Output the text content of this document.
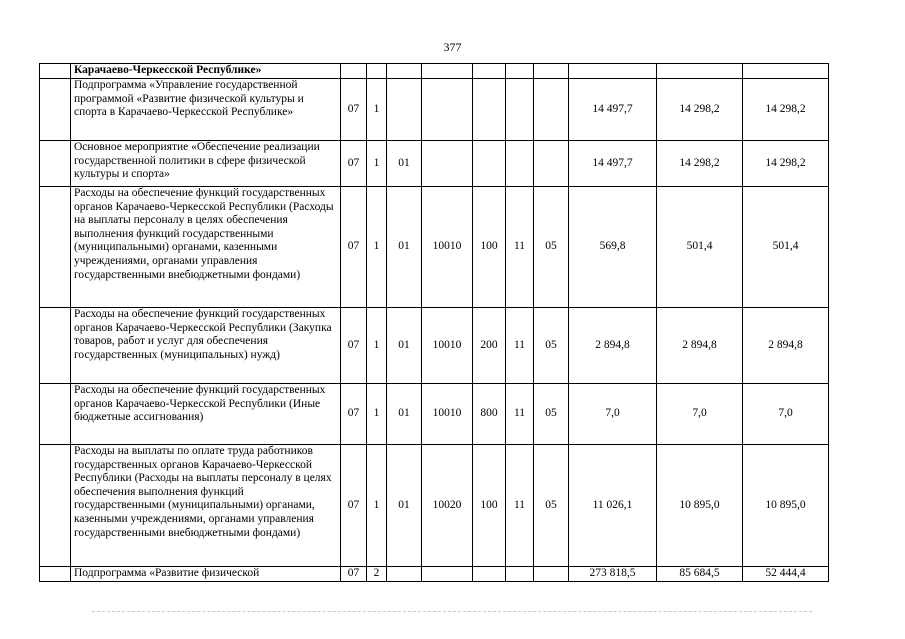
377
	Карачаево-Черкесской Республике»										
	Подпрограмма «Управление государственной программой «Развитие физической культуры и спорта в Карачаево-Черкесской Республике»	07	1						14 497,7	14 298,2	14 298,2
	Основное мероприятие «Обеспечение реализации государственной политики в сфере физической культуры и спорта»	07	1	01					14 497,7	14 298,2	14 298,2
	Расходы на обеспечение функций государственных органов Карачаево-Черкесской Республики (Расходы на выплаты персоналу в целях обеспечения выполнения функций государственными (муниципальными) органами, казенными учреждениями, органами управления государственными внебюджетными фондами)	07	1	01	10010	100	11	05	569,8	501,4	501,4
	Расходы на обеспечение функций государственных органов Карачаево-Черкесской Республики (Закупка товаров, работ и услуг для обеспечения государственных (муниципальных) нужд)	07	1	01	10010	200	11	05	2 894,8	2 894,8	2 894,8
	Расходы на обеспечение функций государственных органов Карачаево-Черкесской Республики (Иные бюджетные ассигнования)	07	1	01	10010	800	11	05	7,0	7,0	7,0
	Расходы на выплаты по оплате труда работников государственных органов Карачаево-Черкесской Республики (Расходы на выплаты персоналу в целях обеспечения выполнения функций государственными (муниципальными) органами, казенными учреждениями, органами управления государственными внебюджетными фондами)	07	1	01	10020	100	11	05	11 026,1	10 895,0	10 895,0
	Подпрограмма «Развитие физической	07	2						273 818,5	85 684,5	52 444,4
